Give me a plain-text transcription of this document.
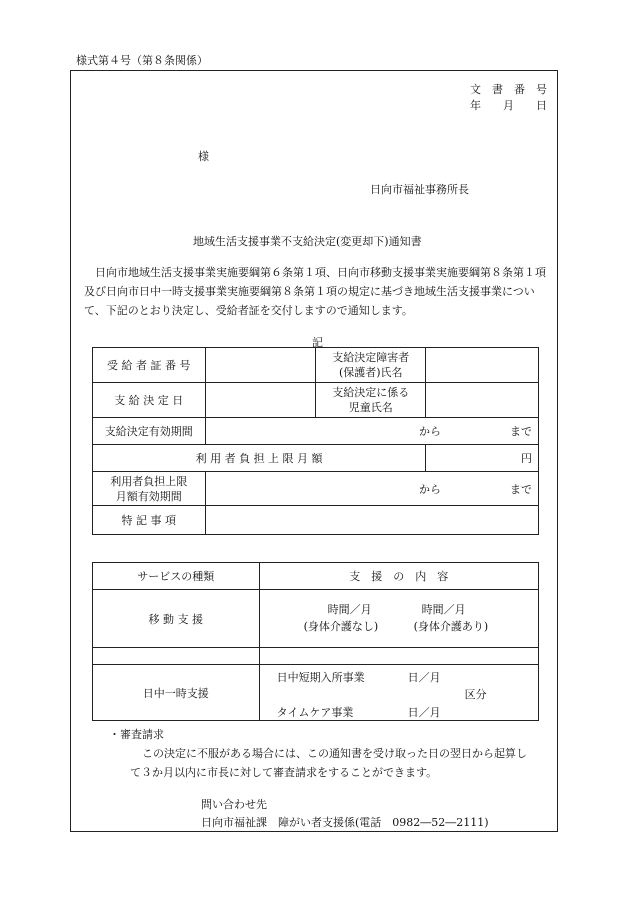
様式第４号（第８条関係）
文　書　番　号
年　　月　　日
様
日向市福祉事務所長
地域生活支援事業不支給決定(変更却下)通知書
日向市地域生活支援事業実施要綱第６条第１項、日向市移動支援事業実施要綱第８条第１項及び日向市日中一時支援事業実施要綱第８条第１項の規定に基づき地域生活支援事業について、下記のとおり決定し、受給者証を交付しますので通知します。
記
受 給 者 証 番 号		支給決定障害者
(保護者)氏名	
支 給 決 定 日		支給決定に係る
児童氏名	
支給決定有効期間	から まで		

利 用 者 負 担 上 限 月 額			円
利用者負担上限
月額有効期間	から まで		

特 記 事 項			
サービスの種類	支　援　の　内　容
移 動 支 援	時間／月 時間／月
(身体介護なし) (身体介護あり)

日中一時支援	日中短期入所事業 日／月
区分
タイムケア事業 日／月
・審査請求
この決定に不服がある場合には、この通知書を受け取った日の翌日から起算し
て３か月以内に市長に対して審査請求をすることができます。
問い合わせ先
日向市福祉課　障がい者支援係(電話　0982―52―2111)
